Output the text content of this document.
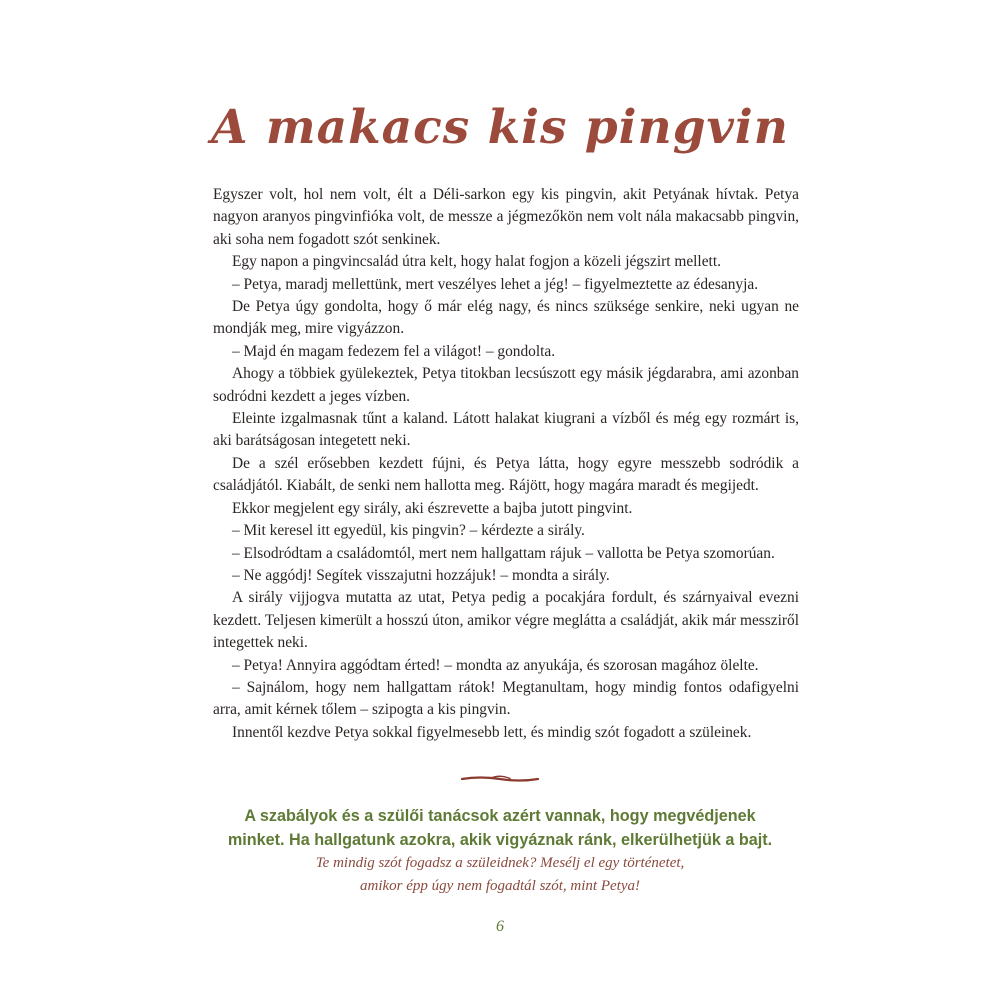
A makacs kis pingvin

Egyszer volt, hol nem volt, élt a Déli-sarkon egy kis pingvin, akit Petyának hívtak. Petya nagyon aranyos pingvinfióka volt, de messze a jégmezőkön nem volt nála makacsabb pingvin, aki soha nem fogadott szót senkinek.

Egy napon a pingvincsalád útra kelt, hogy halat fogjon a közeli jégszirt mellett.

– Petya, maradj mellettünk, mert veszélyes lehet a jég! – figyelmeztette az édesanyja.

De Petya úgy gondolta, hogy ő már elég nagy, és nincs szüksége senkire, neki ugyan ne mondják meg, mire vigyázzon.

– Majd én magam fedezem fel a világot! – gondolta.

Ahogy a többiek gyülekeztek, Petya titokban lecsúszott egy másik jégdarabra, ami azonban sodródni kezdett a jeges vízben.

Eleinte izgalmasnak tűnt a kaland. Látott halakat kiugrani a vízből és még egy rozmárt is, aki barátságosan integetett neki.

De a szél erősebben kezdett fújni, és Petya látta, hogy egyre messzebb sodródik a családjától. Kiabált, de senki nem hallotta meg. Rájött, hogy magára maradt és megijedt.

Ekkor megjelent egy sirály, aki észrevette a bajba jutott pingvint.

– Mit keresel itt egyedül, kis pingvin? – kérdezte a sirály.

– Elsodródtam a családomtól, mert nem hallgattam rájuk – vallotta be Petya szomorúan.

– Ne aggódj! Segítek visszajutni hozzájuk! – mondta a sirály.

A sirály vijjogva mutatta az utat, Petya pedig a pocakjára fordult, és szárnyaival evezni kezdett. Teljesen kimerült a hosszú úton, amikor végre meglátta a családját, akik már messziről integettek neki.

– Petya! Annyira aggódtam érted! – mondta az anyukája, és szorosan magához ölelte.

– Sajnálom, hogy nem hallgattam rátok! Megtanultam, hogy mindig fontos odafigyelni arra, amit kérnek tőlem – szipogta a kis pingvin.

Innentől kezdve Petya sokkal figyelmesebb lett, és mindig szót fogadott a szüleinek.

A szabályok és a szülői tanácsok azért vannak, hogy megvédjenek
minket. Ha hallgatunk azokra, akik vigyáznak ránk, elkerülhetjük a bajt.
Te mindig szót fogadsz a szüleidnek? Mesélj el egy történetet,
amikor épp úgy nem fogadtál szót, mint Petya!
6
